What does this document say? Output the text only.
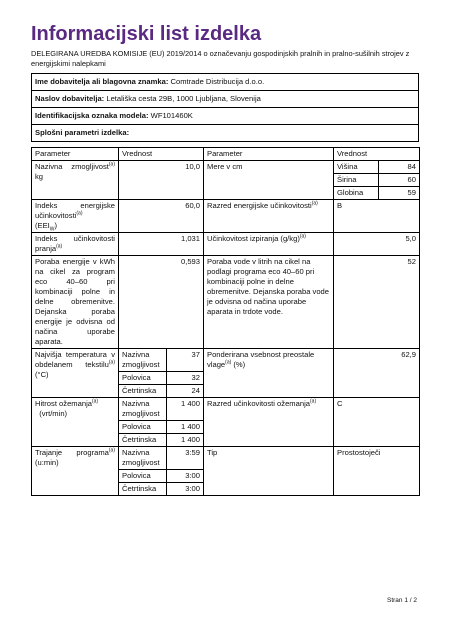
Informacijski list izdelka
DELEGIRANA UREDBA KOMISIJE (EU) 2019/2014 o označevanju gospodinjskih pralnih in pralno-sušilnih strojev z energijskimi nalepkami
Ime dobavitelja ali blagovna znamka: Comtrade Distribucija d.o.o.
Naslov dobavitelja: Letališka cesta 29B, 1000 Ljubljana, Slovenija
Identifikacijska oznaka modela: WF101460K
Splošni parametri izdelka:
Parameter	Vrednost		Parameter	Vrednost	
Nazivna zmogljivost$^{(a)}$ kg	10,0		Mere v cm	Višina	84
				Širina	60
				Globina	59
Indeks energijske učinkovitosti$^{(a)}$
$(EEI_W)$	60,0		Razred energijske učinkovitosti$^{(a)}$	B	
Indeks učinkovitosti pranja$^{(a)}$	1,031		Učinkovitost izpiranja $(g/kg)^{(a)}$	5,0	
Poraba energije v kWh na cikel za program eco 40–60 pri kombinaciji polne in delne obremenitve. Dejanska poraba energije je odvisna od načina uporabe aparata.	0,593		Poraba vode v litrih na cikel na podlagi programa eco 40–60 pri kombinaciji polne in delne obremenitve. Dejanska poraba vode je odvisna od načina uporabe aparata in trdote vode.	52	
Najvišja temperatura v obdelanem tekstilu$^{(a)}$ (°C)	Nazivna zmogljivost	37	Ponderirana vsebnost preostale vlage$^{(a)}$ (%)	62,9	
	Polovica	32			
	Četrtinska	24			
Hitrost ožemanja$^{(a)}$
(vrt/min)	Nazivna zmogljivost	1 400	Razred učinkovitosti ožemanja$^{(a)}$	C	
	Polovica	1 400			
	Četrtinska	1 400			
Trajanje programa$^{(a)}$ (u:min)	Nazivna zmogljivost	3:59	Tip	Prostostoječi	
	Polovica	3:00			
	Četrtinska	3:00			
Stran 1 / 2
